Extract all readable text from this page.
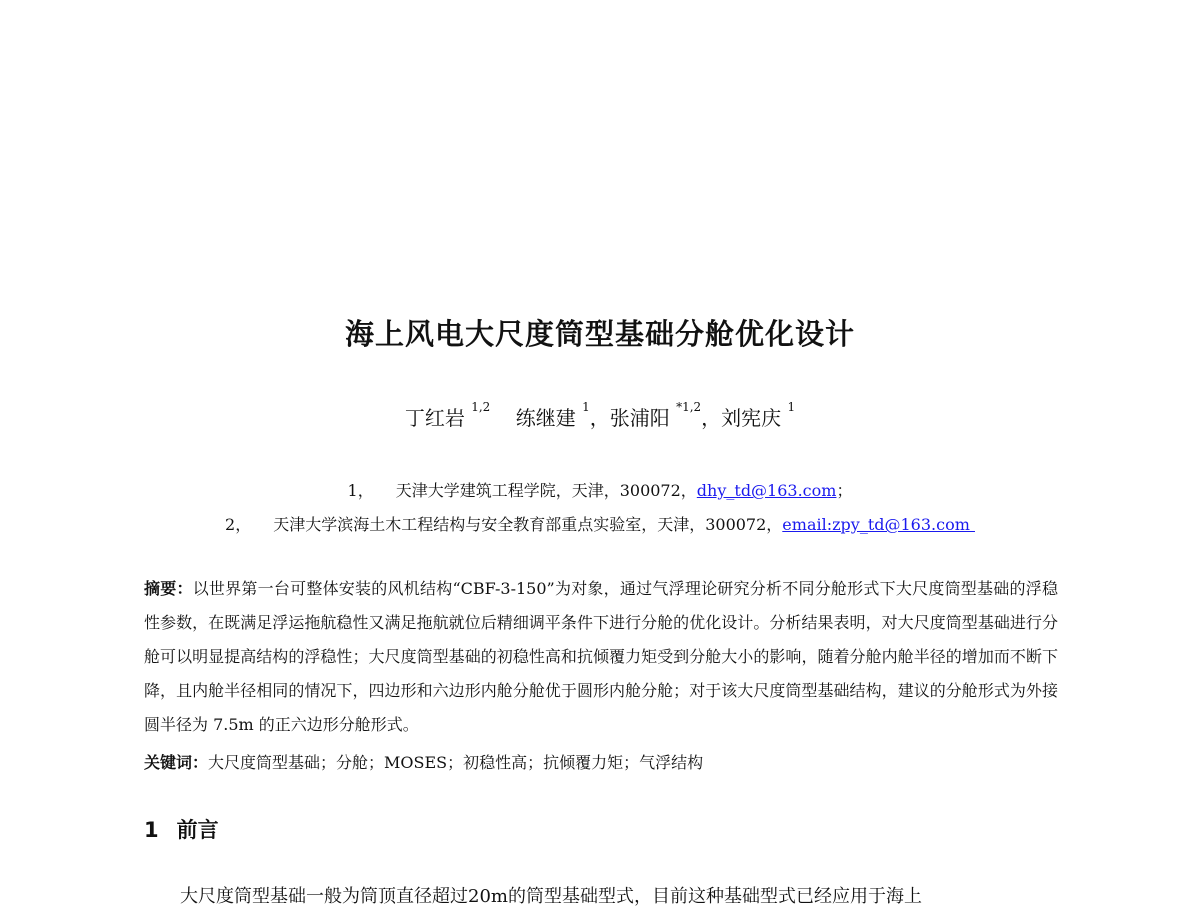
海上风电大尺度筒型基础分舱优化设计
丁红岩 $^{1,2}$ 练继建 $^1$，张浦阳 $^{*1,2}$，刘宪庆 $^1$
1， 天津大学建筑工程学院，天津，300072，dhy_td@163.com；
2， 天津大学滨海土木工程结构与安全教育部重点实验室，天津，300072，email:zpy_td@163.com
摘要：以世界第一台可整体安装的风机结构“CBF-3-150”为对象，通过气浮理论研究分析不同分舱形式下大尺度筒型基础的浮稳性参数，在既满足浮运拖航稳性又满足拖航就位后精细调平条件下进行分舱的优化设计。分析结果表明，对大尺度筒型基础进行分舱可以明显提高结构的浮稳性；大尺度筒型基础的初稳性高和抗倾覆力矩受到分舱大小的影响，随着分舱内舱半径的增加而不断下降，且内舱半径相同的情况下，四边形和六边形内舱分舱优于圆形内舱分舱；对于该大尺度筒型基础结构，建议的分舱形式为外接圆半径为 7.5m 的正六边形分舱形式。
关键词：大尺度筒型基础；分舱；MOSES；初稳性高；抗倾覆力矩；气浮结构
1 前言
大尺度筒型基础一般为筒顶直径超过20m的筒型基础型式，目前这种基础型式已经应用于海上
